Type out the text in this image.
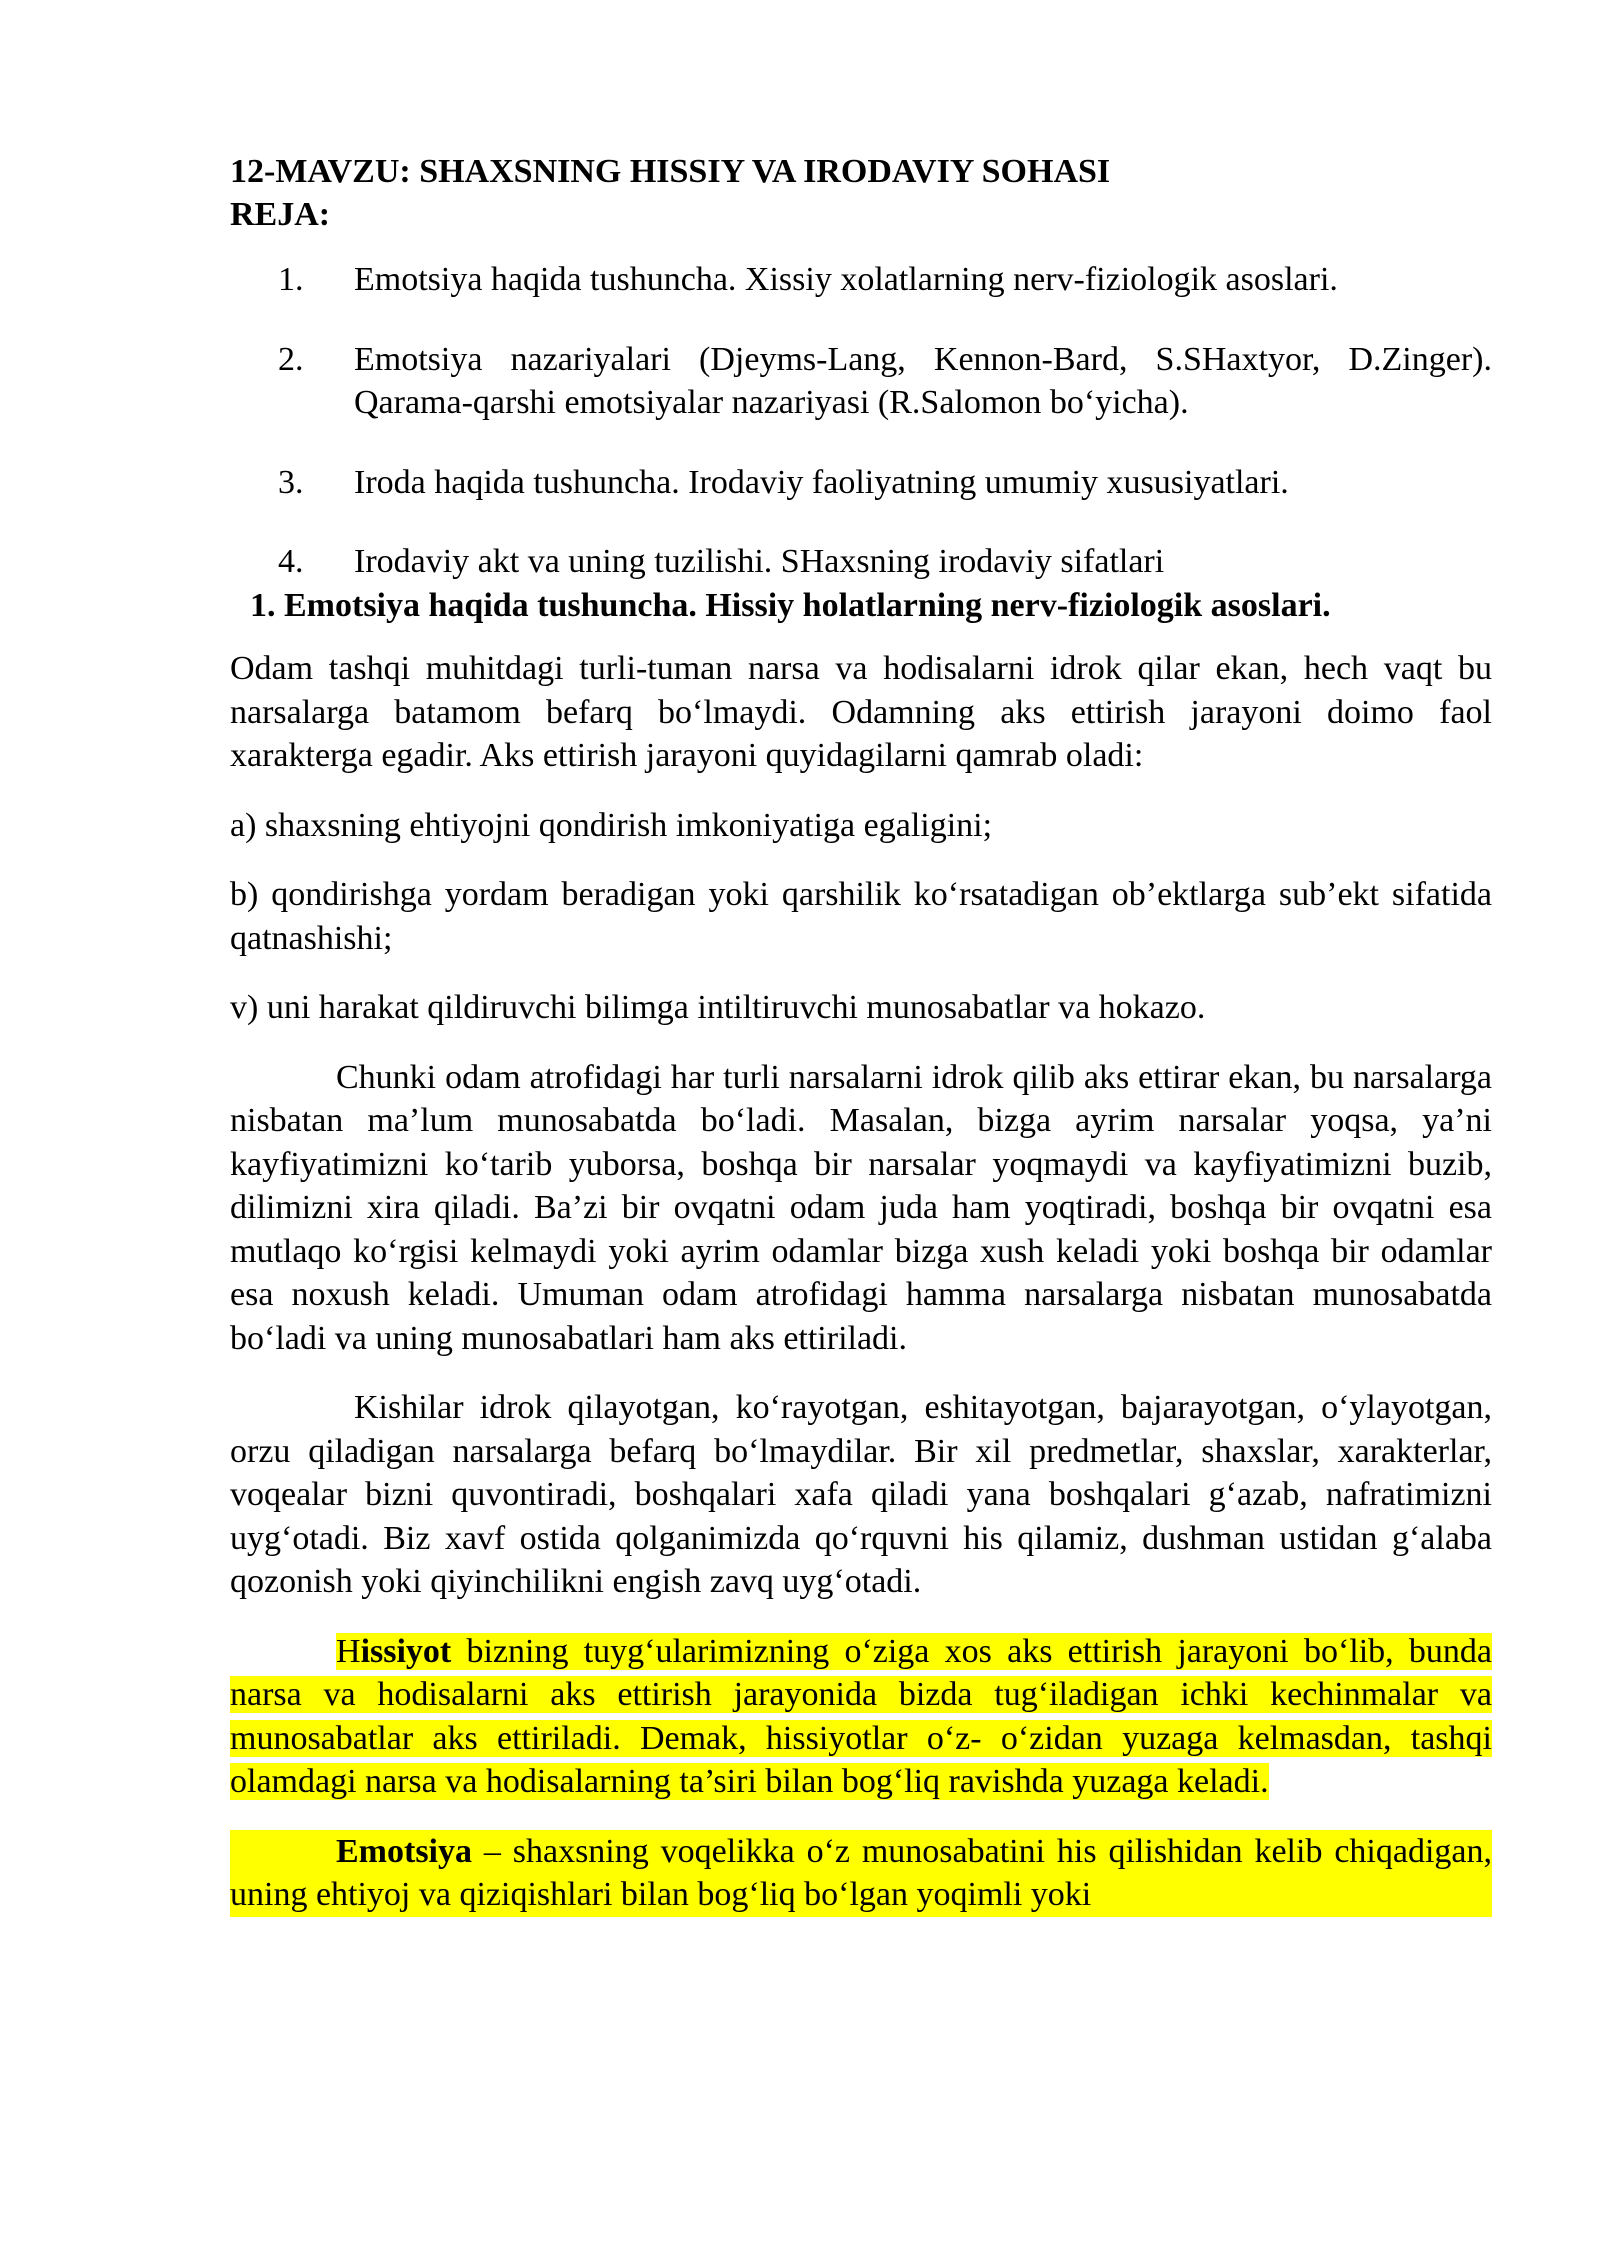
12-MAVZU: SHAXSNING HISSIY VA IRODAVIY SOHASI

REJA:

1. Emotsiya haqida tushuncha. Xissiy xolatlarning nerv-fiziologik asoslari.
2. Emotsiya nazariyalari (Djeyms-Lang, Kennon-Bard, S.SHaxtyor, D.Zinger). Qarama-qarshi emotsiyalar nazariyasi (R.Salomon bo‘yicha).
3. Iroda haqida tushuncha. Irodaviy faoliyatning umumiy xususiyatlari.
4. Irodaviy akt va uning tuzilishi. SHaxsning irodaviy sifatlari

1. Emotsiya haqida tushuncha. Hissiy holatlarning nerv-fiziologik asoslari.

Odam tashqi muhitdagi turli-tuman narsa va hodisalarni idrok qilar ekan, hech vaqt bu narsalarga batamom befarq bo‘lmaydi. Odamning aks ettirish jarayoni doimo faol xarakterga egadir. Aks ettirish jarayoni quyidagilarni qamrab oladi:

a) shaxsning ehtiyojni qondirish imkoniyatiga egaligini;

b) qondirishga yordam beradigan yoki qarshilik ko‘rsatadigan ob’ektlarga sub’ekt sifatida qatnashishi;

v) uni harakat qildiruvchi bilimga intiltiruvchi munosabatlar va hokazo.

Chunki odam atrofidagi har turli narsalarni idrok qilib aks ettirar ekan, bu narsalarga nisbatan ma’lum munosabatda bo‘ladi. Masalan, bizga ayrim narsalar yoqsa, ya’ni kayfiyatimizni ko‘tarib yuborsa, boshqa bir narsalar yoqmaydi va kayfiyatimizni buzib, dilimizni xira qiladi. Ba’zi bir ovqatni odam juda ham yoqtiradi, boshqa bir ovqatni esa mutlaqo ko‘rgisi kelmaydi yoki ayrim odamlar bizga xush keladi yoki boshqa bir odamlar esa noxush keladi. Umuman odam atrofidagi hamma narsalarga nisbatan munosabatda bo‘ladi va uning munosabatlari ham aks ettiriladi.

Kishilar idrok qilayotgan, ko‘rayotgan, eshitayotgan, bajarayotgan, o‘ylayotgan, orzu qiladigan narsalarga befarq bo‘lmaydilar. Bir xil predmetlar, shaxslar, xarakterlar, voqealar bizni quvontiradi, boshqalari xafa qiladi yana boshqalari g‘azab, nafratimizni uyg‘otadi. Biz xavf ostida qolganimizda qo‘rquvni his qilamiz, dushman ustidan g‘alaba qozonish yoki qiyinchilikni engish zavq uyg‘otadi.

Hissiyot bizning tuyg‘ularimizning o‘ziga xos aks ettirish jarayoni bo‘lib, bunda narsa va hodisalarni aks ettirish jarayonida bizda tug‘iladigan ichki kechinmalar va munosabatlar aks ettiriladi. Demak, hissiyotlar o‘z- o‘zidan yuzaga kelmasdan, tashqi olamdagi narsa va hodisalarning ta’siri bilan bog‘liq ravishda yuzaga keladi.

Emotsiya – shaxsning voqelikka o‘z munosabatini his qilishidan kelib chiqadigan, uning ehtiyoj va qiziqishlari bilan bog‘liq bo‘lgan yoqimli yoki
